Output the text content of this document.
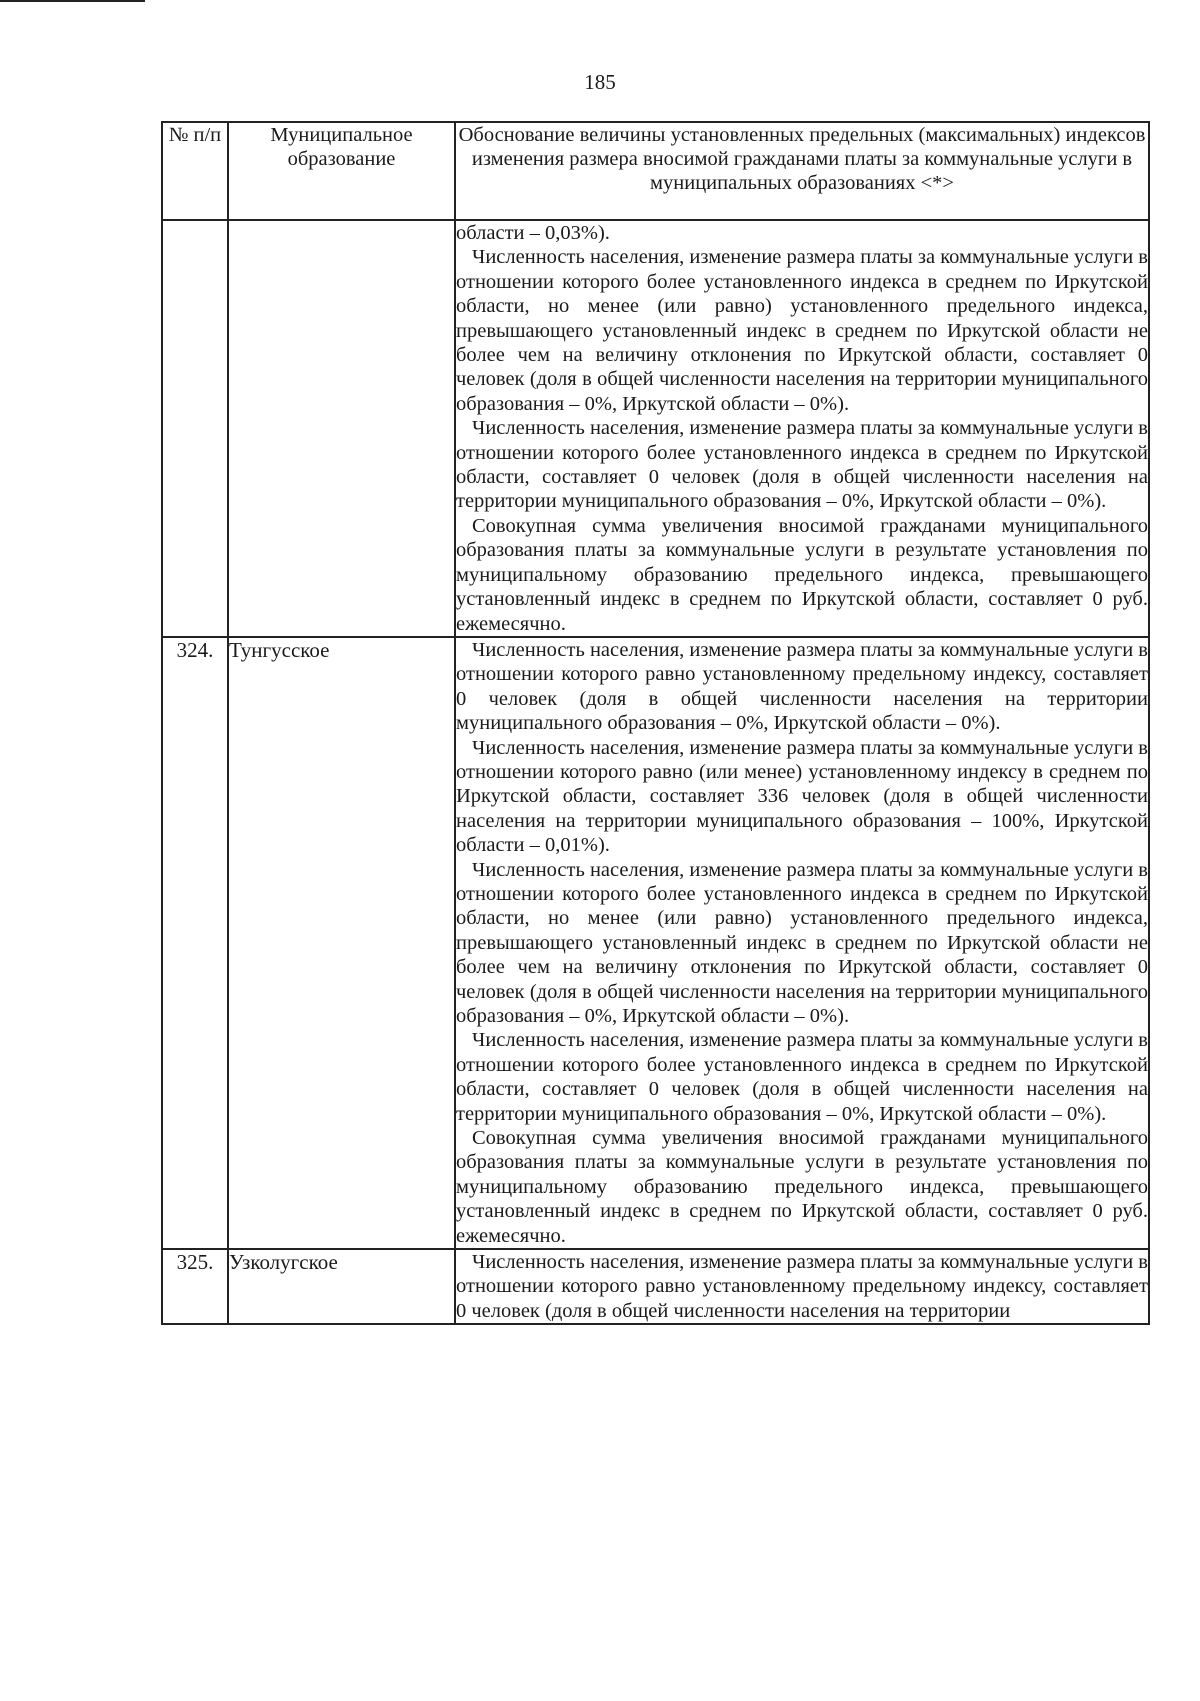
185
№ п/п	Муниципальное образование	Обоснование величины установленных предельных (максимальных) индексов изменения размера вносимой гражданами платы за коммунальные услуги в муниципальных образованиях <*>

		области – 0,03%).

Численность населения, изменение размера платы за коммунальные услуги в отношении которого более установленного индекса в среднем по Иркутской области, но менее (или равно) установленного предельного индекса, превышающего установленный индекс в среднем по Иркутской области не более чем на величину отклонения по Иркутской области, составляет 0 человек (доля в общей численности населения на территории муниципального образования – 0%, Иркутской области – 0%).

Численность населения, изменение размера платы за коммунальные услуги в отношении которого более установленного индекса в среднем по Иркутской области, составляет 0 человек (доля в общей численности населения на территории муниципального образования – 0%, Иркутской области – 0%).

Совокупная сумма увеличения вносимой гражданами муниципального образования платы за коммунальные услуги в результате установления по муниципальному образованию предельного индекса, превышающего установленный индекс в среднем по Иркутской области, составляет 0 руб. ежемесячно.

324.	Тунгусское	Численность населения, изменение размера платы за коммунальные услуги в отношении которого равно установленному предельному индексу, составляет 0 человек (доля в общей численности населения на территории муниципального образования – 0%, Иркутской области – 0%).

Численность населения, изменение размера платы за коммунальные услуги в отношении которого равно (или менее) установленному индексу в среднем по Иркутской области, составляет 336 человек (доля в общей численности населения на территории муниципального образования – 100%, Иркутской области – 0,01%).

Численность населения, изменение размера платы за коммунальные услуги в отношении которого более установленного индекса в среднем по Иркутской области, но менее (или равно) установленного предельного индекса, превышающего установленный индекс в среднем по Иркутской области не более чем на величину отклонения по Иркутской области, составляет 0 человек (доля в общей численности населения на территории муниципального образования – 0%, Иркутской области – 0%).

Численность населения, изменение размера платы за коммунальные услуги в отношении которого более установленного индекса в среднем по Иркутской области, составляет 0 человек (доля в общей численности населения на территории муниципального образования – 0%, Иркутской области – 0%).

Совокупная сумма увеличения вносимой гражданами муниципального образования платы за коммунальные услуги в результате установления по муниципальному образованию предельного индекса, превышающего установленный индекс в среднем по Иркутской области, составляет 0 руб. ежемесячно.

325.	Узколугское	Численность населения, изменение размера платы за коммунальные услуги в отношении которого равно установленному предельному индексу, составляет 0 человек (доля в общей численности населения на территории
